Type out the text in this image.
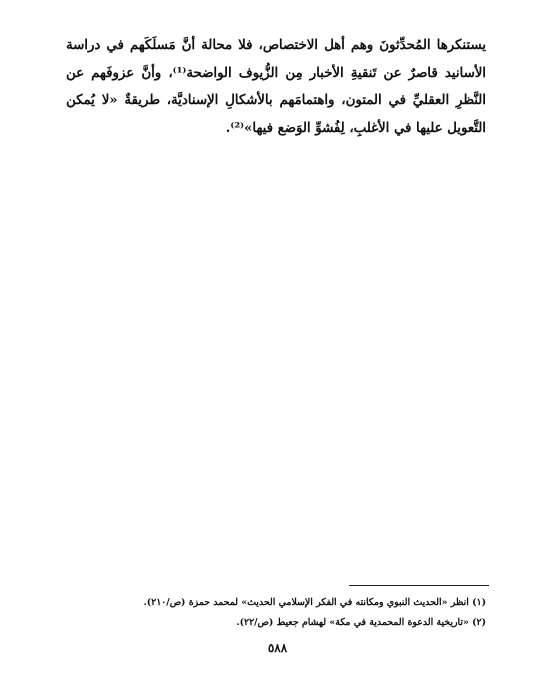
يستنكرها المُحدِّثونَ وهم أهل الاختصاص، فلا محالة أنَّ مَسلَكَهم في دراسة الأسانيد قاصرٌ عن تَنقيةِ الأخبار مِن الزُّيوف الواضحة⁽¹⁾، وأنَّ عزوفَهم عن النَّظرِ العقليِّ في المتون، واهتمامَهم بالأشكالِ الإسناديَّة، طريقةٌ «لا يُمكن التَّعويل عليها في الأغلبِ، لِفُشوِّ الوَضع فيها»⁽²⁾.

(١) انظر «الحديث النبوي ومكانته في الفكر الإسلامي الحديث» لمحمد حمزة (ص/٢١٠).

(٢) «تاريخية الدعوة المحمدية في مكة» لهشام جعيط (ص/٢٢).

٥٨٨
